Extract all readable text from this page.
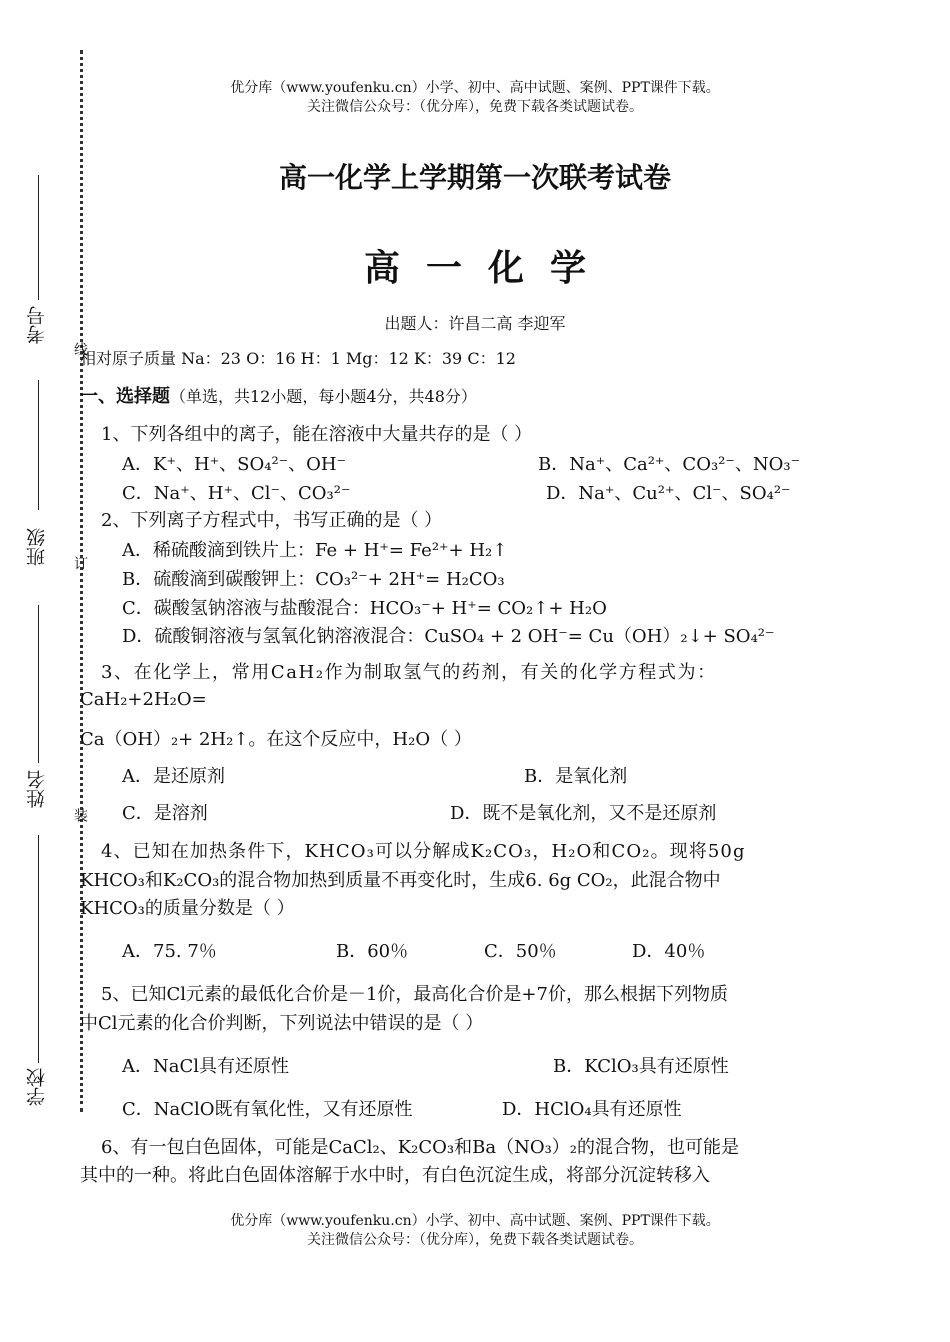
优分库（www.youfenku.cn）小学、初中、高中试题、案例、PPT课件下载。
关注微信公众号：（优分库），免费下载各类试题试卷。
线
订
装
考号
班级
姓名
学校
高一化学上学期第一次联考试卷
高一化学
出题人：许昌二高 李迎军
相对原子质量 Na：23 O：16 H：1 Mg：12 K：39 C：12
一、选择题（单选，共12小题，每小题4分，共48分）
1、下列各组中的离子，能在溶液中大量共存的是（ ）
A．K⁺、H⁺、SO₄²⁻、OH⁻	B．Na⁺、Ca²⁺、CO₃²⁻、NO₃⁻
C．Na⁺、H⁺、Cl⁻、CO₃²⁻	D．Na⁺、Cu²⁺、Cl⁻、SO₄²⁻
2、下列离子方程式中，书写正确的是（ ）
A．稀硫酸滴到铁片上：Fe + H⁺= Fe²⁺+ H₂↑
B．硫酸滴到碳酸钾上：CO₃²⁻+ 2H⁺= H₂CO₃
C．碳酸氢钠溶液与盐酸混合：HCO₃⁻+ H⁺= CO₂↑+ H₂O
D．硫酸铜溶液与氢氧化钠溶液混合：CuSO₄ + 2 OH⁻= Cu（OH）₂↓+ SO₄²⁻
3、在化学上，常用CaH₂作为制取氢气的药剂，有关的化学方程式为：
CaH₂+2H₂O=
Ca（OH）₂+ 2H₂↑。在这个反应中，H₂O（ ）
A．是还原剂	B．是氧化剂
C．是溶剂	D．既不是氧化剂，又不是还原剂
4、已知在加热条件下，KHCO₃可以分解成K₂CO₃，H₂O和CO₂。现将50g
KHCO₃和K₂CO₃的混合物加热到质量不再变化时，生成6. 6g CO₂，此混合物中
KHCO₃的质量分数是（ ）
A．75. 7％	B．60％	C．50％	D．40％
5、已知Cl元素的最低化合价是－1价，最高化合价是+7价，那么根据下列物质
中Cl元素的化合价判断，下列说法中错误的是（ ）
A．NaCl具有还原性	B．KClO₃具有还原性
C．NaClO既有氧化性，又有还原性	D．HClO₄具有还原性
6、有一包白色固体，可能是CaCl₂、K₂CO₃和Ba（NO₃）₂的混合物，也可能是
其中的一种。将此白色固体溶解于水中时，有白色沉淀生成，将部分沉淀转移入
优分库（www.youfenku.cn）小学、初中、高中试题、案例、PPT课件下载。
关注微信公众号：（优分库），免费下载各类试题试卷。
